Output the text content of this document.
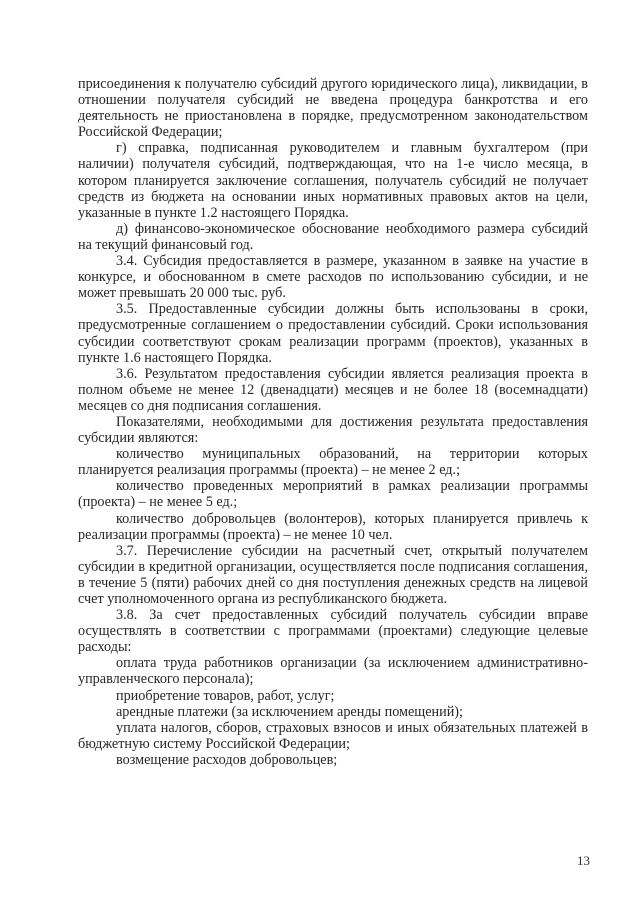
присоединения к получателю субсидий другого юридического лица), ликвидации, в отношении получателя субсидий не введена процедура банкротства и его деятельность не приостановлена в порядке, предусмотренном законодательством Российской Федерации;

г) справка, подписанная руководителем и главным бухгалтером (при наличии) получателя субсидий, подтверждающая, что на 1-е число месяца, в котором планируется заключение соглашения, получатель субсидий не получает средств из бюджета на основании иных нормативных правовых актов на цели, указанные в пункте 1.2 настоящего Порядка.

д) финансово-экономическое обоснование необходимого размера субсидий на текущий финансовый год.

3.4. Субсидия предоставляется в размере, указанном в заявке на участие в конкурсе, и обоснованном в смете расходов по использованию субсидии, и не может превышать 20 000 тыс. руб.

3.5. Предоставленные субсидии должны быть использованы в сроки, предусмотренные соглашением о предоставлении субсидий. Сроки использования субсидии соответствуют срокам реализации программ (проектов), указанных в пункте 1.6 настоящего Порядка.

3.6. Результатом предоставления субсидии является реализация проекта в полном объеме не менее 12 (двенадцати) месяцев и не более 18 (восемнадцати) месяцев со дня подписания соглашения.

Показателями, необходимыми для достижения результата предоставления субсидии являются:

количество муниципальных образований, на территории которых планируется реализация программы (проекта) – не менее 2 ед.;

количество проведенных мероприятий в рамках реализации программы (проекта) – не менее 5 ед.;

количество добровольцев (волонтеров), которых планируется привлечь к реализации программы (проекта) – не менее 10 чел.

3.7. Перечисление субсидии на расчетный счет, открытый получателем субсидии в кредитной организации, осуществляется после подписания соглашения, в течение 5 (пяти) рабочих дней со дня поступления денежных средств на лицевой счет уполномоченного органа из республиканского бюджета.

3.8. За счет предоставленных субсидий получатель субсидии вправе осуществлять в соответствии с программами (проектами) следующие целевые расходы:

оплата труда работников организации (за исключением административно-управленческого персонала);

приобретение товаров, работ, услуг;

арендные платежи (за исключением аренды помещений);

уплата налогов, сборов, страховых взносов и иных обязательных платежей в бюджетную систему Российской Федерации;

возмещение расходов добровольцев;

13
